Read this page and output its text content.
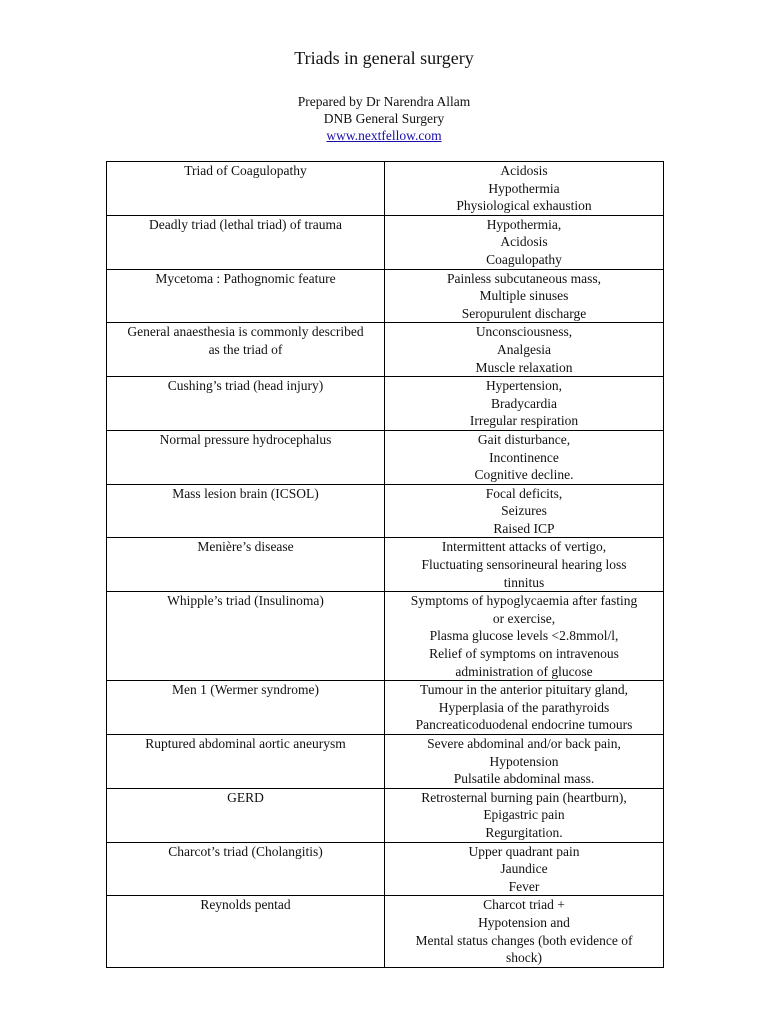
Triads in general surgery
Prepared by Dr Narendra Allam
DNB General Surgery
www.nextfellow.com
Triad of Coagulopathy	Acidosis
Hypothermia
Physiological exhaustion

Deadly triad (lethal triad) of trauma	Hypothermia,
Acidosis
Coagulopathy

Mycetoma : Pathognomic feature	Painless subcutaneous mass,
Multiple sinuses
Seropurulent discharge

General anaesthesia is commonly described
as the triad of	Unconsciousness,
Analgesia
Muscle relaxation

Cushing’s triad (head injury)	Hypertension,
Bradycardia
Irregular respiration

Normal pressure hydrocephalus	Gait disturbance,
Incontinence
Cognitive decline.

Mass lesion brain (ICSOL)	Focal deficits,
Seizures
Raised ICP

Menière’s disease	Intermittent attacks of vertigo,
Fluctuating sensorineural hearing loss
tinnitus

Whipple’s triad (Insulinoma)	Symptoms of hypoglycaemia after fasting
or exercise,
Plasma glucose levels <2.8mmol/l,
Relief of symptoms on intravenous
administration of glucose

Men 1 (Wermer syndrome)	Tumour in the anterior pituitary gland,
Hyperplasia of the parathyroids
Pancreaticoduodenal endocrine tumours

Ruptured abdominal aortic aneurysm	Severe abdominal and/or back pain,
Hypotension
Pulsatile abdominal mass.

GERD	Retrosternal burning pain (heartburn),
Epigastric pain
Regurgitation.

Charcot’s triad (Cholangitis)	Upper quadrant pain
Jaundice
Fever

Reynolds pentad	Charcot triad +
Hypotension and
Mental status changes (both evidence of
shock)
